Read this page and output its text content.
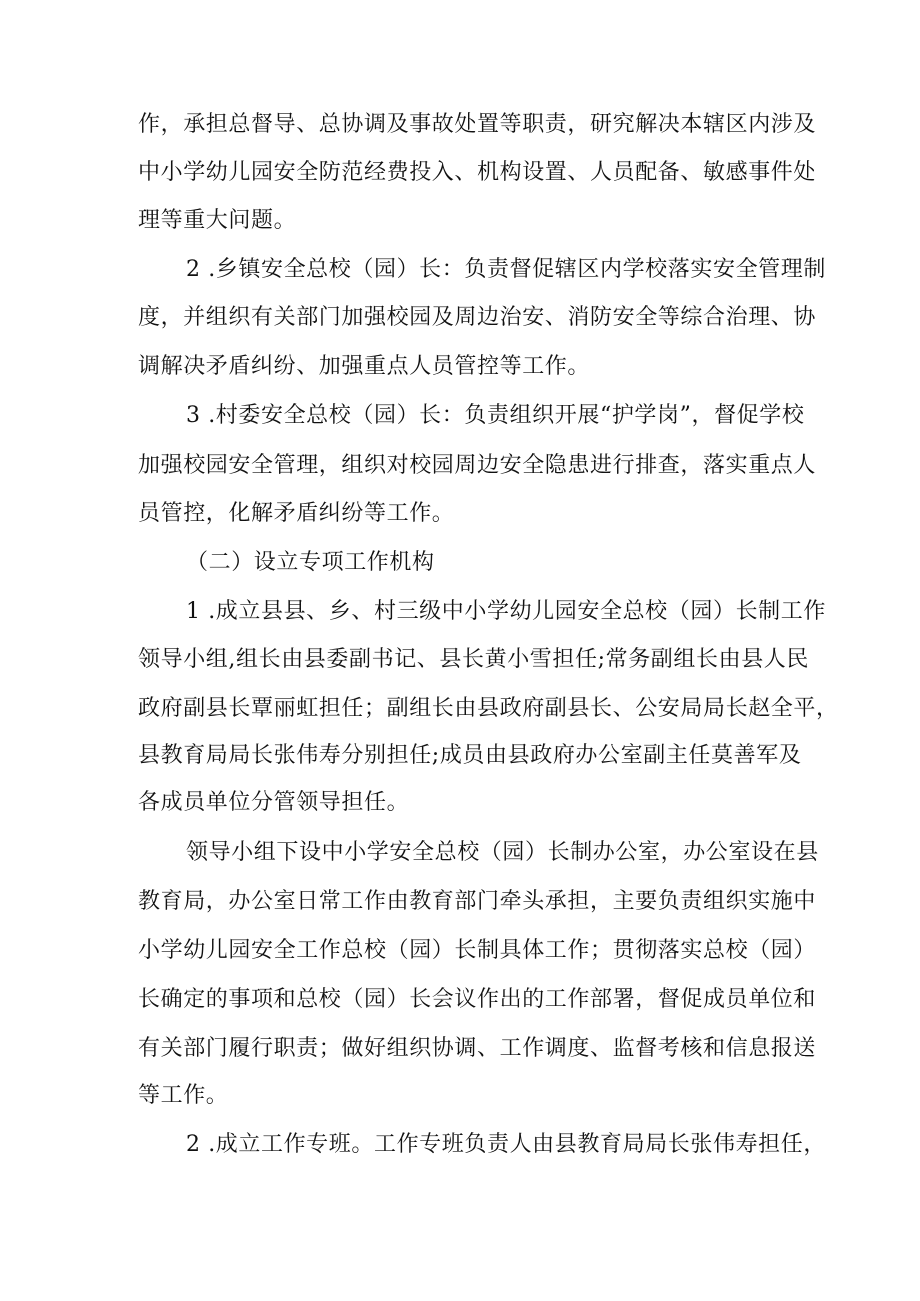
作，承担总督导、总协调及事故处置等职责，研究解决本辖区内涉及
中小学幼儿园安全防范经费投入、机构设置、人员配备、敏感事件处
理等重大问题。
2 .乡镇安全总校（园）长：负责督促辖区内学校落实安全管理制
度，并组织有关部门加强校园及周边治安、消防安全等综合治理、协
调解决矛盾纠纷、加强重点人员管控等工作。
3 .村委安全总校（园）长：负责组织开展“护学岗”，督促学校
加强校园安全管理，组织对校园周边安全隐患进行排查，落实重点人
员管控，化解矛盾纠纷等工作。
（二）设立专项工作机构
1 .成立县县、乡、村三级中小学幼儿园安全总校（园）长制工作
领导小组,组长由县委副书记、县长黄小雪担任;常务副组长由县人民
政府副县长覃丽虹担任；副组长由县政府副县长、公安局局长赵全平，
县教育局局长张伟寿分别担任;成员由县政府办公室副主任莫善军及
各成员单位分管领导担任。
领导小组下设中小学安全总校（园）长制办公室，办公室设在县
教育局，办公室日常工作由教育部门牵头承担，主要负责组织实施中
小学幼儿园安全工作总校（园）长制具体工作；贯彻落实总校（园）
长确定的事项和总校（园）长会议作出的工作部署，督促成员单位和
有关部门履行职责；做好组织协调、工作调度、监督考核和信息报送
等工作。
2 .成立工作专班。工作专班负责人由县教育局局长张伟寿担任，
